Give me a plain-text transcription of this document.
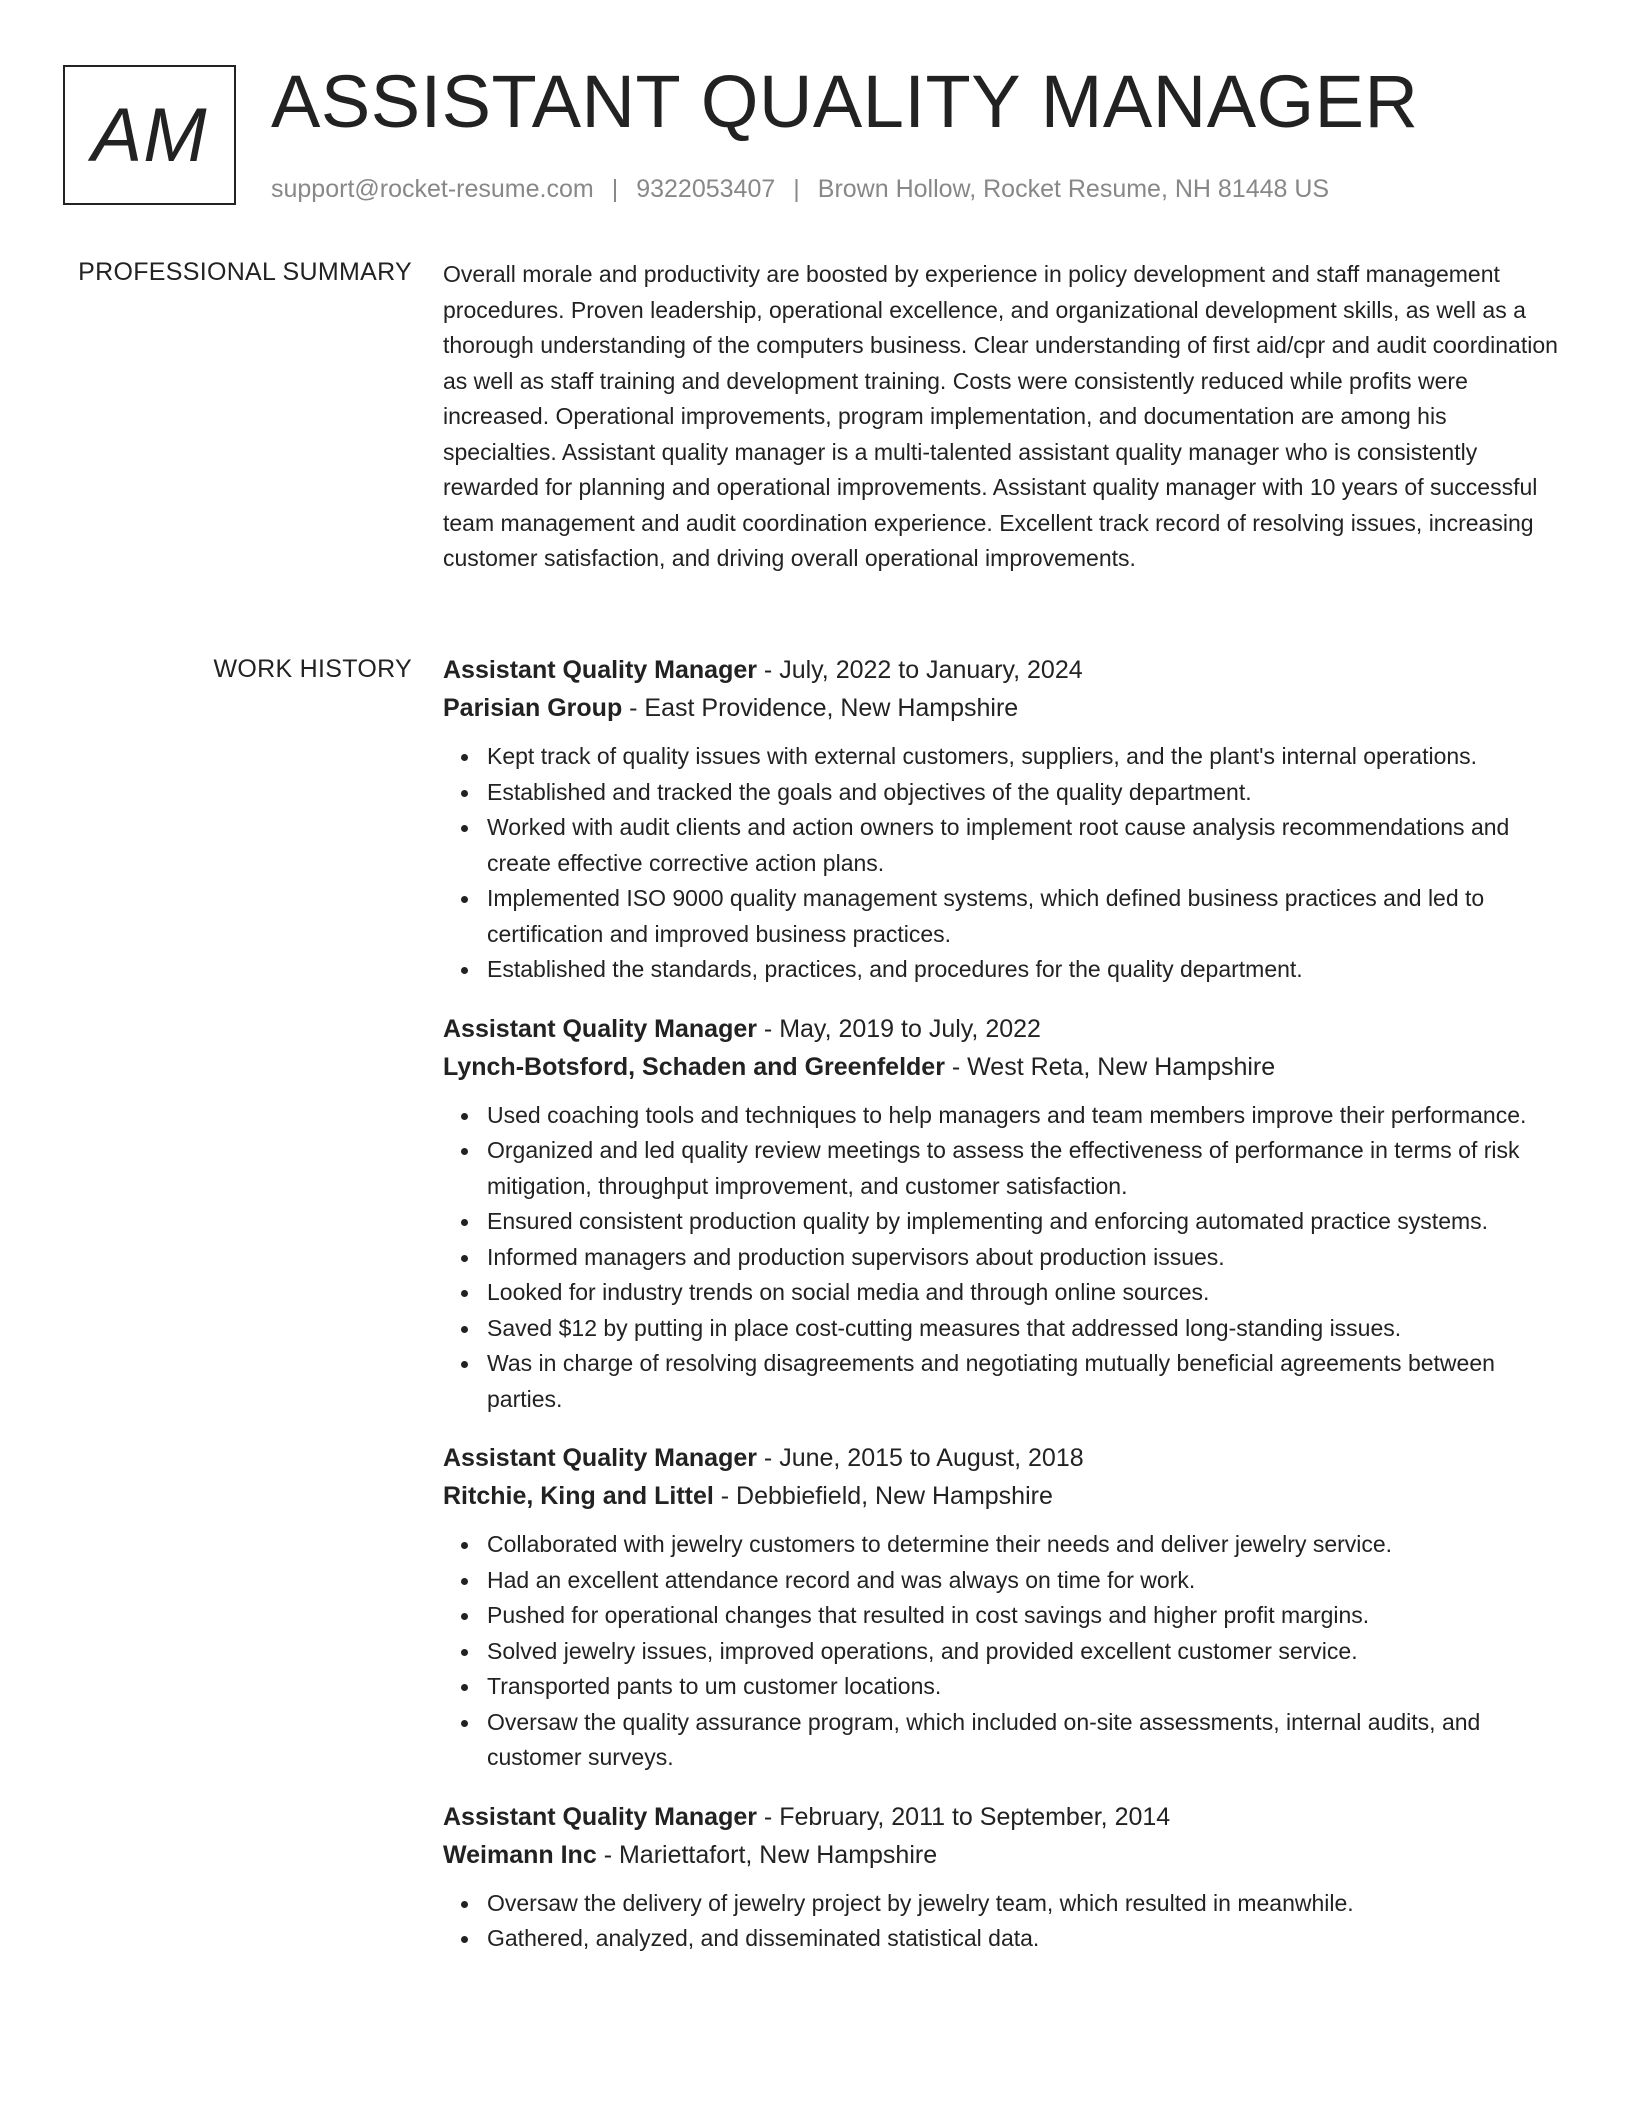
AM ASSISTANT QUALITY MANAGER
support@rocket-resume.com | 9322053407 | Brown Hollow, Rocket Resume, NH 81448 US
PROFESSIONAL SUMMARY Overall morale and productivity are boosted by experience in policy development and staff management procedures. Proven leadership, operational excellence, and organizational development skills, as well as a thorough understanding of the computers business. Clear understanding of first aid/cpr and audit coordination as well as staff training and development training. Costs were consistently reduced while profits were increased. Operational improvements, program implementation, and documentation are among his specialties. Assistant quality manager is a multi-talented assistant quality manager who is consistently rewarded for planning and operational improvements. Assistant quality manager with 10 years of successful team management and audit coordination experience. Excellent track record of resolving issues, increasing customer satisfaction, and driving overall operational improvements.

WORK HISTORY Assistant Quality Manager - July, 2022 to January, 2024
Parisian Group - East Providence, New Hampshire
Kept track of quality issues with external customers, suppliers, and the plant's internal operations.
Established and tracked the goals and objectives of the quality department.
Worked with audit clients and action owners to implement root cause analysis recommendations and create effective corrective action plans.
Implemented ISO 9000 quality management systems, which defined business practices and led to certification and improved business practices.
Established the standards, practices, and procedures for the quality department.
Assistant Quality Manager - May, 2019 to July, 2022
Lynch-Botsford, Schaden and Greenfelder - West Reta, New Hampshire
Used coaching tools and techniques to help managers and team members improve their performance.
Organized and led quality review meetings to assess the effectiveness of performance in terms of risk mitigation, throughput improvement, and customer satisfaction.
Ensured consistent production quality by implementing and enforcing automated practice systems.
Informed managers and production supervisors about production issues.
Looked for industry trends on social media and through online sources.
Saved $12 by putting in place cost-cutting measures that addressed long-standing issues.
Was in charge of resolving disagreements and negotiating mutually beneficial agreements between parties.
Assistant Quality Manager - June, 2015 to August, 2018
Ritchie, King and Littel - Debbiefield, New Hampshire
Collaborated with jewelry customers to determine their needs and deliver jewelry service.
Had an excellent attendance record and was always on time for work.
Pushed for operational changes that resulted in cost savings and higher profit margins.
Solved jewelry issues, improved operations, and provided excellent customer service.
Transported pants to um customer locations.
Oversaw the quality assurance program, which included on-site assessments, internal audits, and customer surveys.
Assistant Quality Manager - February, 2011 to September, 2014
Weimann Inc - Mariettafort, New Hampshire
Oversaw the delivery of jewelry project by jewelry team, which resulted in meanwhile.
Gathered, analyzed, and disseminated statistical data.
